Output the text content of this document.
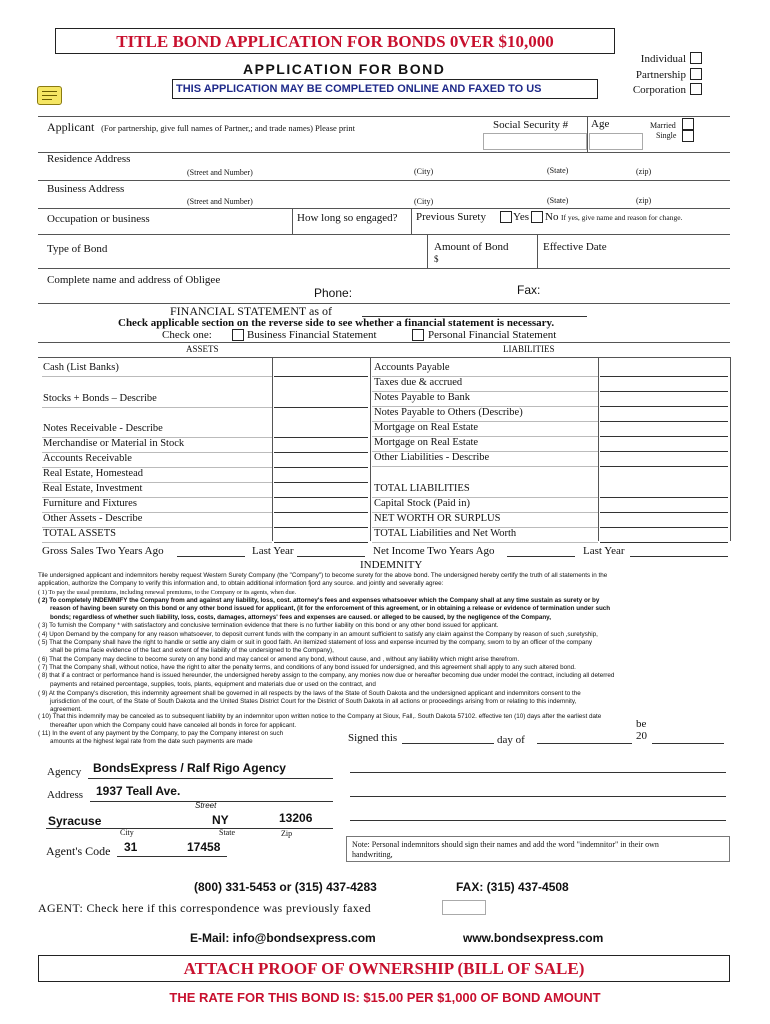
TITLE BOND APPLICATION FOR BONDS 0VER $10,000
APPLICATION FOR BOND
THIS APPLICATION MAY BE COMPLETED ONLINE AND FAXED TO US
Individual
Partnership
Corporation
Applicant (For partnership, give full names of Partner,; and trade names) Please print	Social Security # Age	Married
Single
Residence Address
(Street and Number)	(City)	(State)	(zip)
Business Address
(Street and Number)	(City)	(State)	(zip)
Occupation or business	How long so engaged? Previous Surety Yes No If yes, give name and reason for change.
Type of Bond	Amount of Bond
$
Effective Date
Complete name and address of Obligee
Phone:	Fax:
FINANCIAL STATEMENT as of
Check applicable section on the reverse side to see whether a financial statement is necessary.
Check one:	Business Financial Statement	Personal Financial Statement
ASSETS	LIABILITIES
Cash (List Banks)
Stocks + Bonds – Describe
Notes Receivable - Describe
Merchandise or Material in Stock
Accounts Receivable
Real Estate, Homestead
Real Estate, Investment
Furniture and Fixtures
Other Assets - Describe
TOTAL ASSETS
Accounts Payable
Taxes due & accrued
Notes Payable to Bank
Notes Payable to Others (Describe)
Mortgage on Real Estate
Mortgage on Real Estate
Other Liabilities - Describe
TOTAL LIABILITIES
Capital Stock (Paid in)
NET WORTH OR SURPLUS
TOTAL Liabilities and Net Worth
Gross Sales Two Years Ago	Last Year	Net Income Two Years Ago	Last Year
INDEMNITY
Tile undersigned applicant and indemnitors hereby request Western Surety Company (the "Company") to become surety for the above bond. The undersigned hereby certify the truth of all statements in the
application, authorize the Company to verify this information and, to obtain additional information fjord any source. and jointly and severally agree:
( 1) To pay the usual premiums, including renewal premiums, to the Company or its agents, when due.
( 2) To completely INDEMNIFY the Company from and against any liability, loss, cost. attorney's fees and expenses whatsoever which the Company shall at any time sustain as surety or by
reason of having been surety on this bond or any other bond issued for applicant, (it for the enforcement of this agreement, or in obtaining a release or evidence of termination under such
bonds; regardless of whether such liability, loss, costs, damages, attorneys' fees and expenses are caused. or alleged to be caused, by the negligence of the Company,
( 3) To furnish the Company * with satisfactory and conclusive termination evidence that there is no further liability on this bond or any other bond issued for applicant.
( 4) Upon Demand by the company for any reason whatsoever, to deposit current funds with the company in an amount sufficient to satisfy any claim against the Company by reason of such ,suretyship,
( 5) That the Company shall have the right to handle or settle any claim or suit in good faith. An itemized statement of loss and expense incurred by the company, sworn to by an officer of the company
shall be prima facie evidence of the fact and extent of the liability of the undersigned to the Company),
( 6) That the Company may decline to become surety on any bond and may cancel or amend any bond, without cause, and , without any liability which might arise therefrom.
( 7) That the Company shall, without notice, have the right to alter the penalty terms, and conditions of any bond issued for undersigned, and this agreement shall apply to any such altered bond.
( 8) that if a contract or performance hand is issued hereunder, the undersigned hereby assign to the company, any monies now due or hereafter becoming due under model the contract, including all deterred
payments and retained percentage, supplies, tools, plants, equipment and materials due or used on the contract, and
( 9) At the Company's discretion, this indemnity agreement shall be governed in all respects by the laws of the State of South Dakota and the undersigned applicant and indemnitors consent to the
jurisdiction of the court, of the State of South Dakota and the United States District Court for the District of South Dakota in all actions or proceedings arising from or relating to this indemnity,
agreement.
( 10) That this indemnify may be canceled as to subsequent liability by an indemnitor upon written notice to the Company at Sioux, Fall,. South Dakota 57102. effective ten (10) days after the earliest date
thereafter upon which the Company could have canceled all bonds in force for applicant.
( 11) In the event of any payment by the Company, to pay the Company interest on such
amounts at the highest legal rate from the date such payments are made	Signed this	day of
be
20
Agency BondsExpress / Ralf Rigo Agency
Address 1937 Teall Ave.
Street
Syracuse	NY	13206
City	State	Zip
Agent's Code 31	17458	Note: Personal indemnitors should sign their names and add the word "indemnitor" in their own handwriting,
(800) 331-5453 or (315) 437-4283	FAX: (315) 437-4508
AGENT: Check here if this correspondence was previously faxed
E-Mail: info@bondsexpress.com	www.bondsexpress.com
ATTACH PROOF OF OWNERSHIP (BILL OF SALE)
THE RATE FOR THIS BOND IS: $15.00 PER $1,000 OF BOND AMOUNT
